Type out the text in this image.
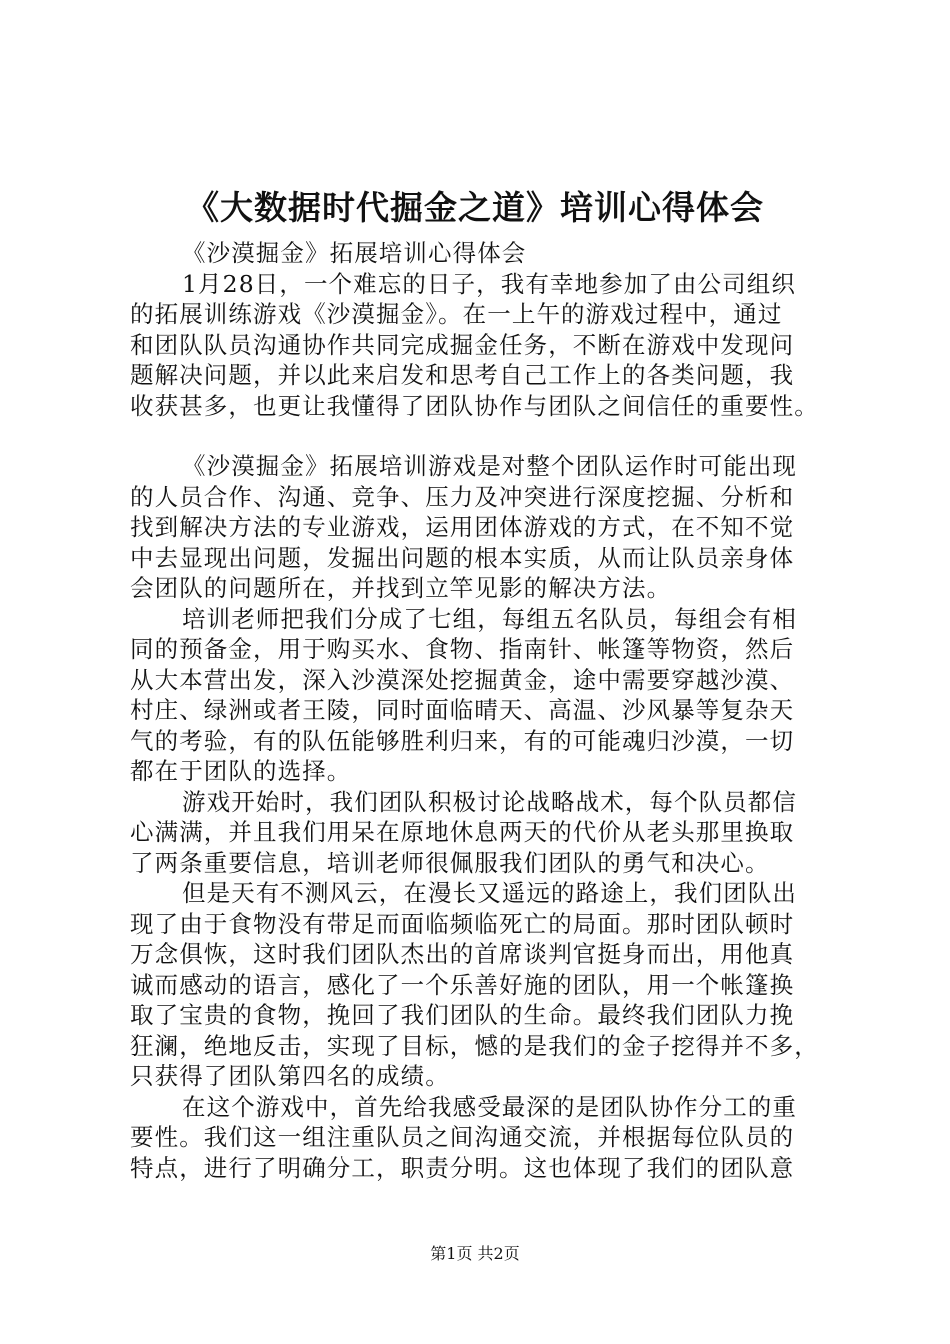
《大数据时代掘金之道》培训心得体会
《沙漠掘金》拓展培训心得体会
1月28日，一个难忘的日子，我有幸地参加了由公司组织
的拓展训练游戏《沙漠掘金》。在一上午的游戏过程中，通过
和团队队员沟通协作共同完成掘金任务，不断在游戏中发现问
题解决问题，并以此来启发和思考自己工作上的各类问题，我
收获甚多，也更让我懂得了团队协作与团队之间信任的重要性。
《沙漠掘金》拓展培训游戏是对整个团队运作时可能出现
的人员合作、沟通、竞争、压力及冲突进行深度挖掘、分析和
找到解决方法的专业游戏，运用团体游戏的方式，在不知不觉
中去显现出问题，发掘出问题的根本实质，从而让队员亲身体
会团队的问题所在，并找到立竿见影的解决方法。
培训老师把我们分成了七组，每组五名队员，每组会有相
同的预备金，用于购买水、食物、指南针、帐篷等物资，然后
从大本营出发，深入沙漠深处挖掘黄金，途中需要穿越沙漠、
村庄、绿洲或者王陵，同时面临晴天、高温、沙风暴等复杂天
气的考验，有的队伍能够胜利归来，有的可能魂归沙漠，一切
都在于团队的选择。
游戏开始时，我们团队积极讨论战略战术，每个队员都信
心满满，并且我们用呆在原地休息两天的代价从老头那里换取
了两条重要信息，培训老师很佩服我们团队的勇气和决心。
但是天有不测风云，在漫长又遥远的路途上，我们团队出
现了由于食物没有带足而面临频临死亡的局面。那时团队顿时
万念俱恢，这时我们团队杰出的首席谈判官挺身而出，用他真
诚而感动的语言，感化了一个乐善好施的团队，用一个帐篷换
取了宝贵的食物，挽回了我们团队的生命。最终我们团队力挽
狂澜，绝地反击，实现了目标，憾的是我们的金子挖得并不多，
只获得了团队第四名的成绩。
在这个游戏中，首先给我感受最深的是团队协作分工的重
要性。我们这一组注重队员之间沟通交流，并根据每位队员的
特点，进行了明确分工，职责分明。这也体现了我们的团队意
第1页 共2页
